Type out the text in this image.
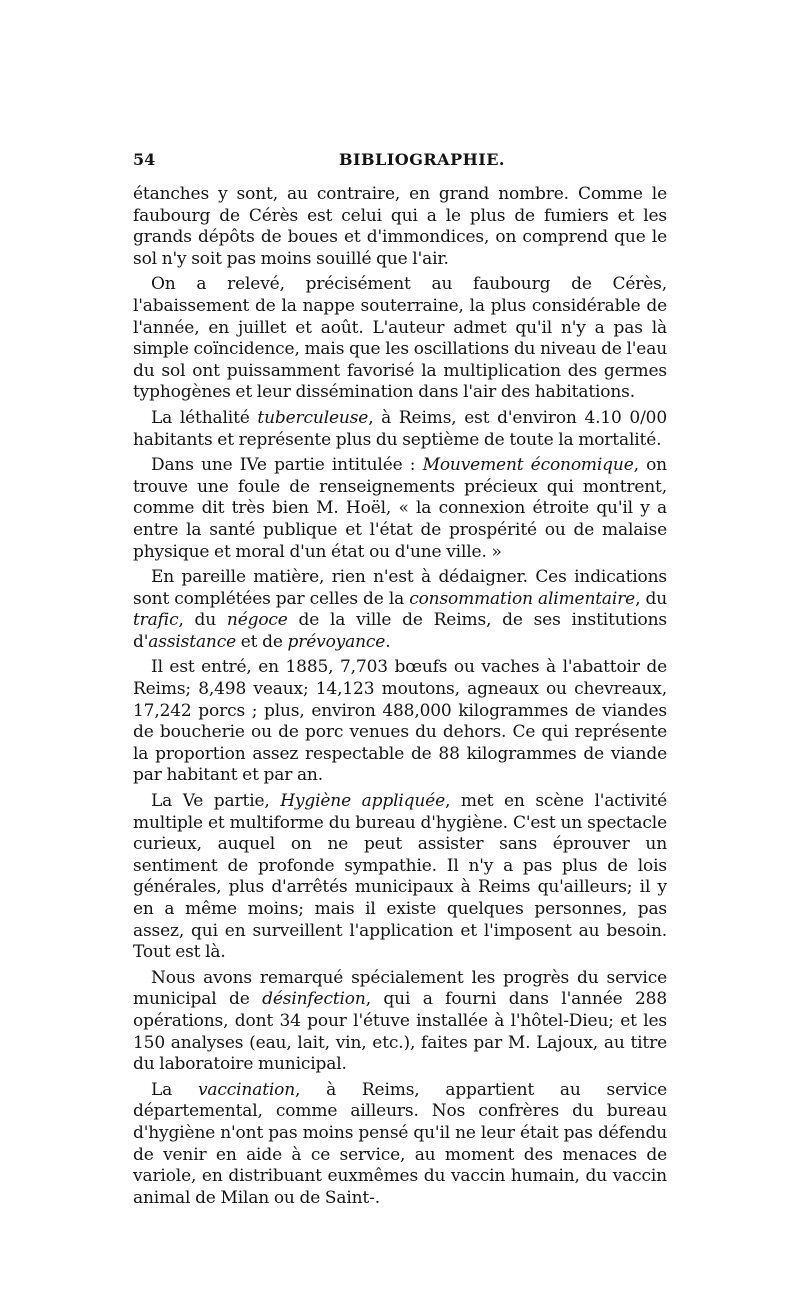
54	BIBLIOGRAPHIE.

étanches y sont, au contraire, en grand nombre. Comme le faubourg de Cérès est celui qui a le plus de fumiers et les grands dépôts de boues et d'immondices, on comprend que le sol n'y soit pas moins souillé que l'air.

On a relevé, précisément au faubourg de Cérès, l'abaissement de la nappe souterraine, la plus considérable de l'année, en juillet et août. L'auteur admet qu'il n'y a pas là simple coïncidence, mais que les oscillations du niveau de l'eau du sol ont puissamment favorisé la multiplication des germes typhogènes et leur dissémination dans l'air des habitations.

La léthalité tuberculeuse, à Reims, est d'environ 4.10 0/00 habitants et représente plus du septième de toute la mortalité.

Dans une IVe partie intitulée : Mouvement économique, on trouve une foule de renseignements précieux qui montrent, comme dit très bien M. Hoël, « la connexion étroite qu'il y a entre la santé publique et l'état de prospérité ou de malaise physique et moral d'un état ou d'une ville. »

En pareille matière, rien n'est à dédaigner. Ces indications sont complétées par celles de la consommation alimentaire, du trafic, du négoce de la ville de Reims, de ses institutions d'assistance et de prévoyance.

Il est entré, en 1885, 7,703 bœufs ou vaches à l'abattoir de Reims; 8,498 veaux; 14,123 moutons, agneaux ou chevreaux, 17,242 porcs ; plus, environ 488,000 kilogrammes de viandes de boucherie ou de porc venues du dehors. Ce qui représente la proportion assez respectable de 88 kilogrammes de viande par habitant et par an.

La Ve partie, Hygiène appliquée, met en scène l'activité multiple et multiforme du bureau d'hygiène. C'est un spectacle curieux, auquel on ne peut assister sans éprouver un sentiment de profonde sympathie. Il n'y a pas plus de lois générales, plus d'arrêtés municipaux à Reims qu'ailleurs; il y en a même moins; mais il existe quelques personnes, pas assez, qui en surveillent l'application et l'imposent au besoin. Tout est là.

Nous avons remarqué spécialement les progrès du service municipal de désinfection, qui a fourni dans l'année 288 opérations, dont 34 pour l'étuve installée à l'hôtel-Dieu; et les 150 analyses (eau, lait, vin, etc.), faites par M. Lajoux, au titre du laboratoire municipal.

La vaccination, à Reims, appartient au service départemental, comme ailleurs. Nos confrères du bureau d'hygiène n'ont pas moins pensé qu'il ne leur était pas défendu de venir en aide à ce service, au moment des menaces de variole, en distribuant euxmêmes du vaccin humain, du vaccin animal de Milan ou de Saint-.
